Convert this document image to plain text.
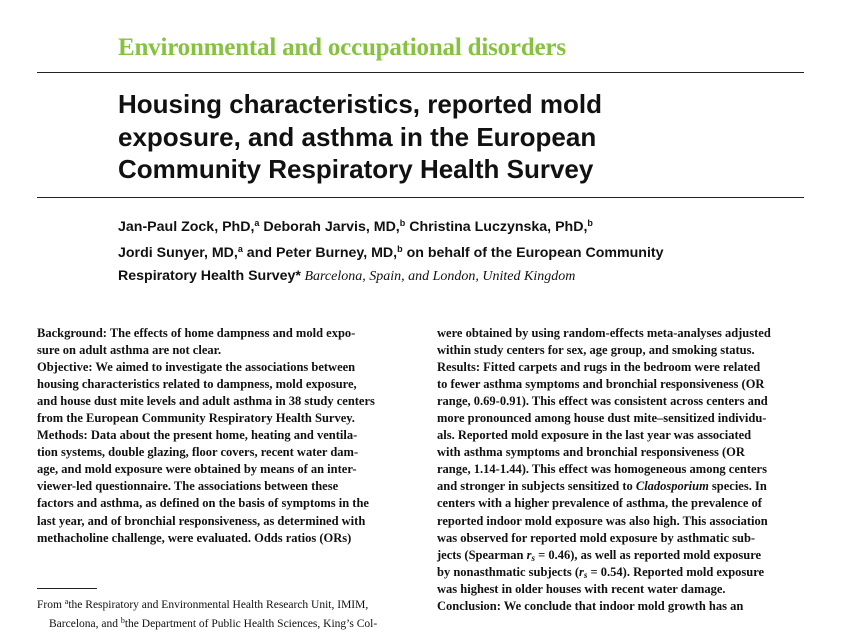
Environmental and occupational disorders
Housing characteristics, reported mold
exposure, and asthma in the European
Community Respiratory Health Survey
Jan-Paul Zock, PhD,$^a$ Deborah Jarvis, MD,$^b$ Christina Luczynska, PhD,$^b$
Jordi Sunyer, MD,$^a$ and Peter Burney, MD,$^b$ on behalf of the European Community
Respiratory Health Survey* Barcelona, Spain, and London, United Kingdom
Background: The effects of home dampness and mold expo-
sure on adult asthma are not clear.
Objective: We aimed to investigate the associations between
housing characteristics related to dampness, mold exposure,
and house dust mite levels and adult asthma in 38 study centers
from the European Community Respiratory Health Survey.
Methods: Data about the present home, heating and ventila-
tion systems, double glazing, floor covers, recent water dam-
age, and mold exposure were obtained by means of an inter-
viewer-led questionnaire. The associations between these
factors and asthma, as defined on the basis of symptoms in the
last year, and of bronchial responsiveness, as determined with
methacholine challenge, were evaluated. Odds ratios (ORs)
were obtained by using random-effects meta-analyses adjusted
within study centers for sex, age group, and smoking status.
Results: Fitted carpets and rugs in the bedroom were related
to fewer asthma symptoms and bronchial responsiveness (OR
range, 0.69-0.91). This effect was consistent across centers and
more pronounced among house dust mite–sensitized individu-
als. Reported mold exposure in the last year was associated
with asthma symptoms and bronchial responsiveness (OR
range, 1.14-1.44). This effect was homogeneous among centers
and stronger in subjects sensitized to Cladosporium species. In
centers with a higher prevalence of asthma, the prevalence of
reported indoor mold exposure was also high. This association
was observed for reported mold exposure by asthmatic sub-
jects (Spearman $r_s = 0.46$), as well as reported mold exposure
by nonasthmatic subjects $(r_s = 0.54)$. Reported mold exposure
was highest in older houses with recent water damage.
Conclusion: We conclude that indoor mold growth has an
From $^a$the Respiratory and Environmental Health Research Unit, IMIM,
Barcelona, and $^b$the Department of Public Health Sciences, King’s Col-
